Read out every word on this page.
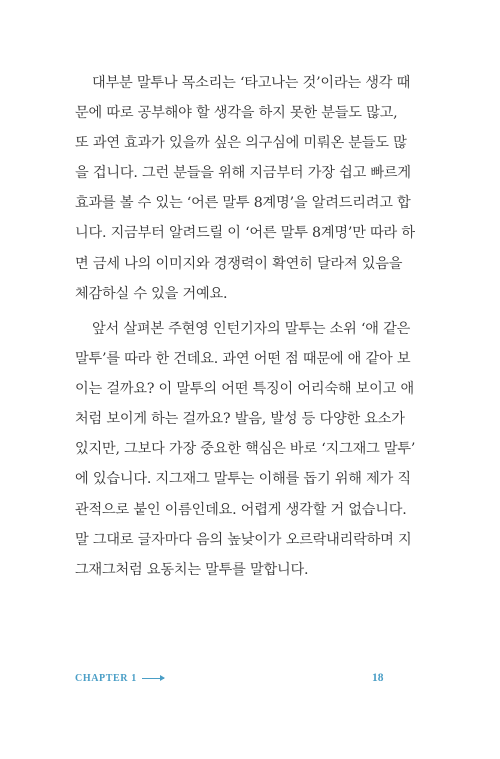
대부분 말투나 목소리는 ‘타고나는 것’이라는 생각 때
문에 따로 공부해야 할 생각을 하지 못한 분들도 많고,
또 과연 효과가 있을까 싶은 의구심에 미뤄온 분들도 많
을 겁니다. 그런 분들을 위해 지금부터 가장 쉽고 빠르게
효과를 볼 수 있는 ‘어른 말투 8계명’을 알려드리려고 합
니다. 지금부터 알려드릴 이 ‘어른 말투 8계명’만 따라 하
면 금세 나의 이미지와 경쟁력이 확연히 달라져 있음을
체감하실 수 있을 거예요.
앞서 살펴본 주현영 인턴기자의 말투는 소위 ‘애 같은
말투’를 따라 한 건데요. 과연 어떤 점 때문에 애 같아 보
이는 걸까요? 이 말투의 어떤 특징이 어리숙해 보이고 애
처럼 보이게 하는 걸까요? 발음, 발성 등 다양한 요소가
있지만, 그보다 가장 중요한 핵심은 바로 ‘지그재그 말투’
에 있습니다. 지그재그 말투는 이해를 돕기 위해 제가 직
관적으로 붙인 이름인데요. 어렵게 생각할 거 없습니다.
말 그대로 글자마다 음의 높낮이가 오르락내리락하며 지
그재그처럼 요동치는 말투를 말합니다.
CHAPTER 1	18
